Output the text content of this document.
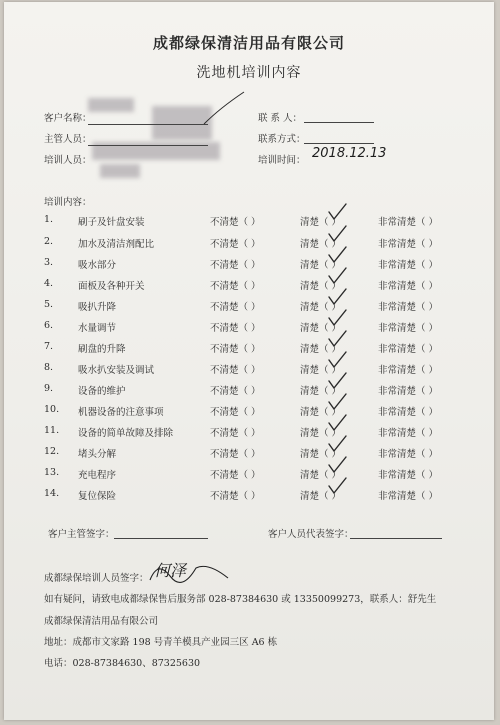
成都绿保清洁用品有限公司
洗地机培训内容
客户名称：
主管人员：
培训人员：
联 系 人：
联系方式：
培训时间： 2018.12.13
培训内容：
1.	刷子及针盘安装	不清楚（ ）	清楚（ ）	非常清楚（ ）
2.	加水及清洁剂配比	不清楚（ ）	清楚（ ）	非常清楚（ ）
3.	吸水部分	不清楚（ ）	清楚（ ）	非常清楚（ ）
4.	面板及各种开关	不清楚（ ）	清楚（ ）	非常清楚（ ）
5.	吸扒升降	不清楚（ ）	清楚（ ）	非常清楚（ ）
6.	水量调节	不清楚（ ）	清楚（ ）	非常清楚（ ）
7.	刷盘的升降	不清楚（ ）	清楚（ ）	非常清楚（ ）
8.	吸水扒安装及调试	不清楚（ ）	清楚（ ）	非常清楚（ ）
9.	设备的维护	不清楚（ ）	清楚（ ）	非常清楚（ ）
10. 机器设备的注意事项	不清楚（ ）	清楚（ ）	非常清楚（ ）
11. 设备的简单故障及排除	不清楚（ ）	清楚（ ）	非常清楚（ ）
12. 堵头分解	不清楚（ ）	清楚（ ）	非常清楚（ ）
13. 充电程序	不清楚（ ）	清楚（ ）	非常清楚（ ）
14. 复位保险	不清楚（ ）	清楚（ ）	非常清楚（ ）
客户主管签字：	客户人员代表签字：
成都绿保培训人员签字： 何泽
如有疑问，请致电成都绿保售后服务部 028-87384630 或 13350099273，联系人：舒先生
成都绿保清洁用品有限公司
地址：成都市文家路 198 号青羊模具产业园三区 A6 栋
电话：028-87384630、87325630
